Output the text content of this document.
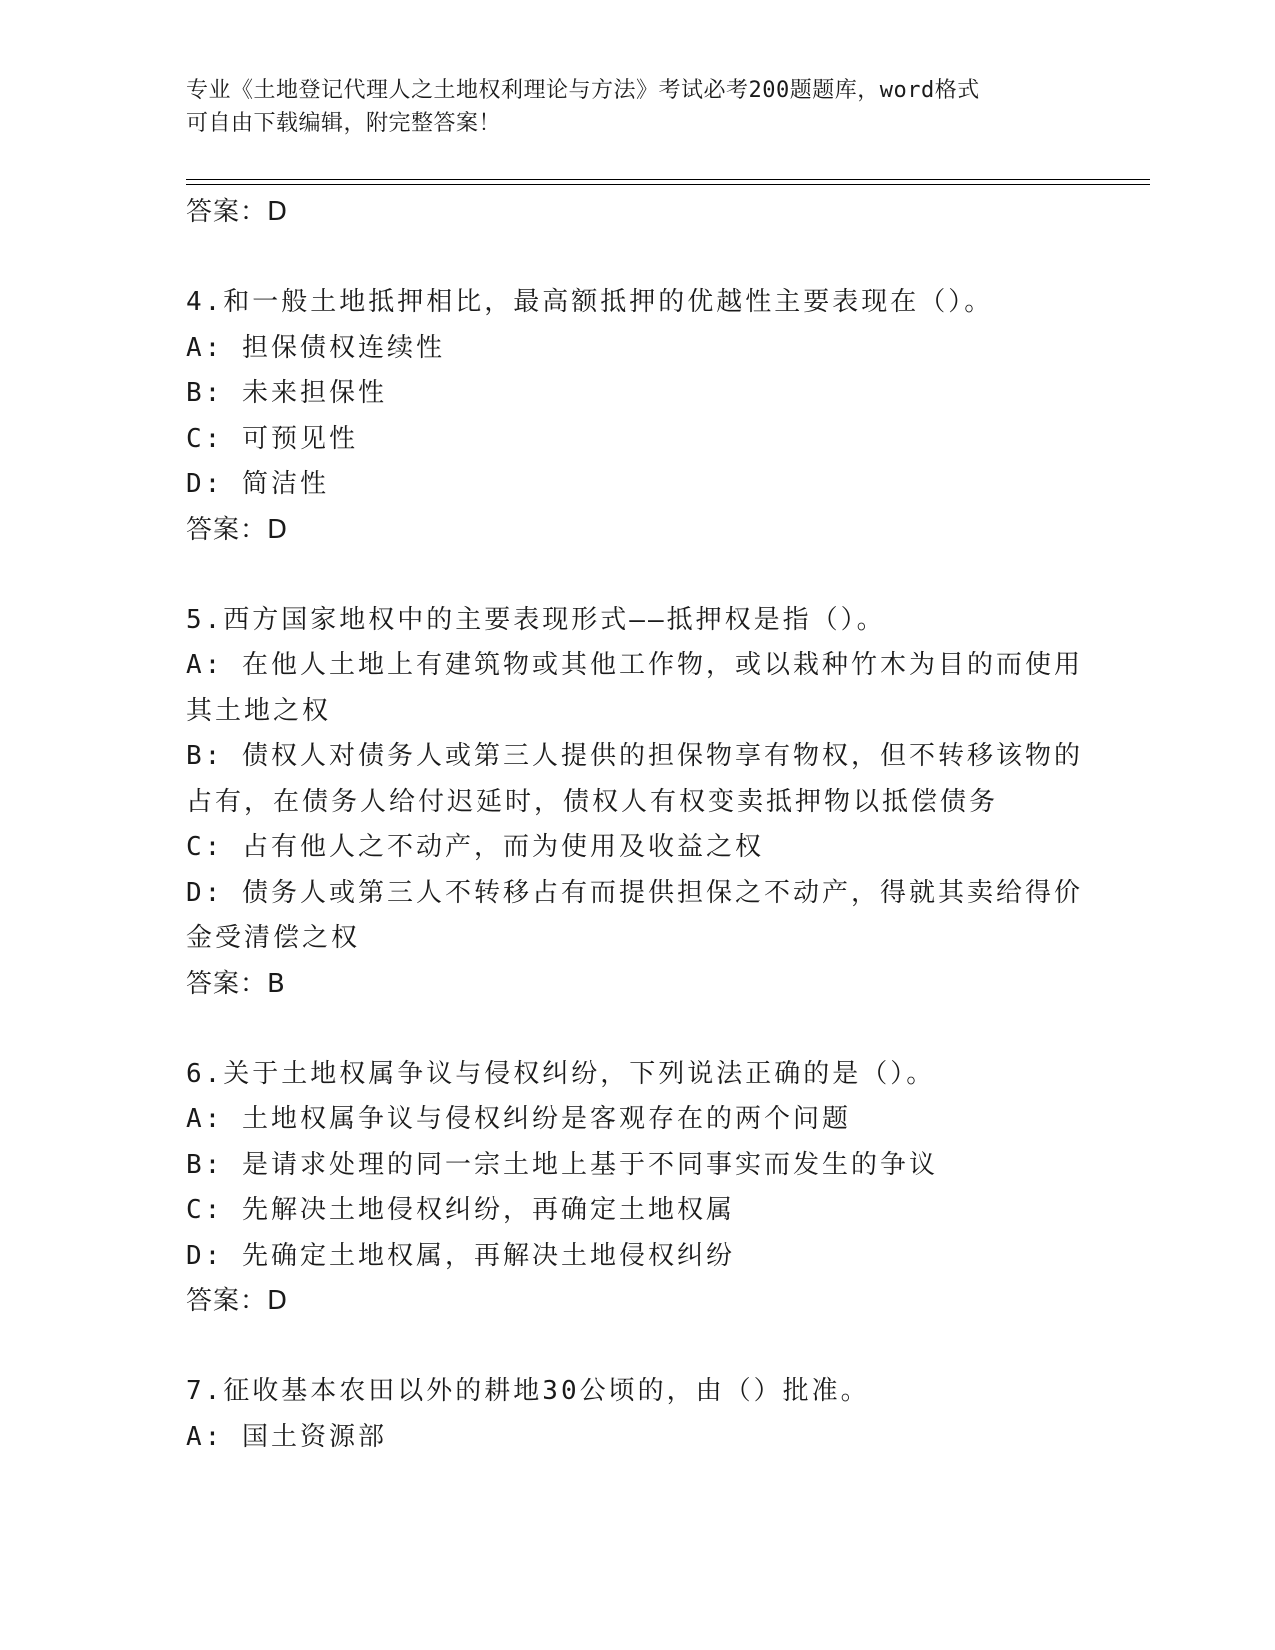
专业《土地登记代理人之土地权利理论与方法》考试必考200题题库，word格式
可自由下载编辑，附完整答案！
答案：D
4.和一般土地抵押相比，最高额抵押的优越性主要表现在（）。
A: 担保债权连续性
B: 未来担保性
C: 可预见性
D: 简洁性
答案：D
5.西方国家地权中的主要表现形式——抵押权是指（）。
A: 在他人土地上有建筑物或其他工作物，或以栽种竹木为目的而使用
其土地之权
B: 债权人对债务人或第三人提供的担保物享有物权，但不转移该物的
占有，在债务人给付迟延时，债权人有权变卖抵押物以抵偿债务
C: 占有他人之不动产，而为使用及收益之权
D: 债务人或第三人不转移占有而提供担保之不动产，得就其卖给得价
金受清偿之权
答案：B
6.关于土地权属争议与侵权纠纷，下列说法正确的是（）。
A: 土地权属争议与侵权纠纷是客观存在的两个问题
B: 是请求处理的同一宗土地上基于不同事实而发生的争议
C: 先解决土地侵权纠纷，再确定土地权属
D: 先确定土地权属，再解决土地侵权纠纷
答案：D
7.征收基本农田以外的耕地30公顷的，由（）批准。
A: 国土资源部
